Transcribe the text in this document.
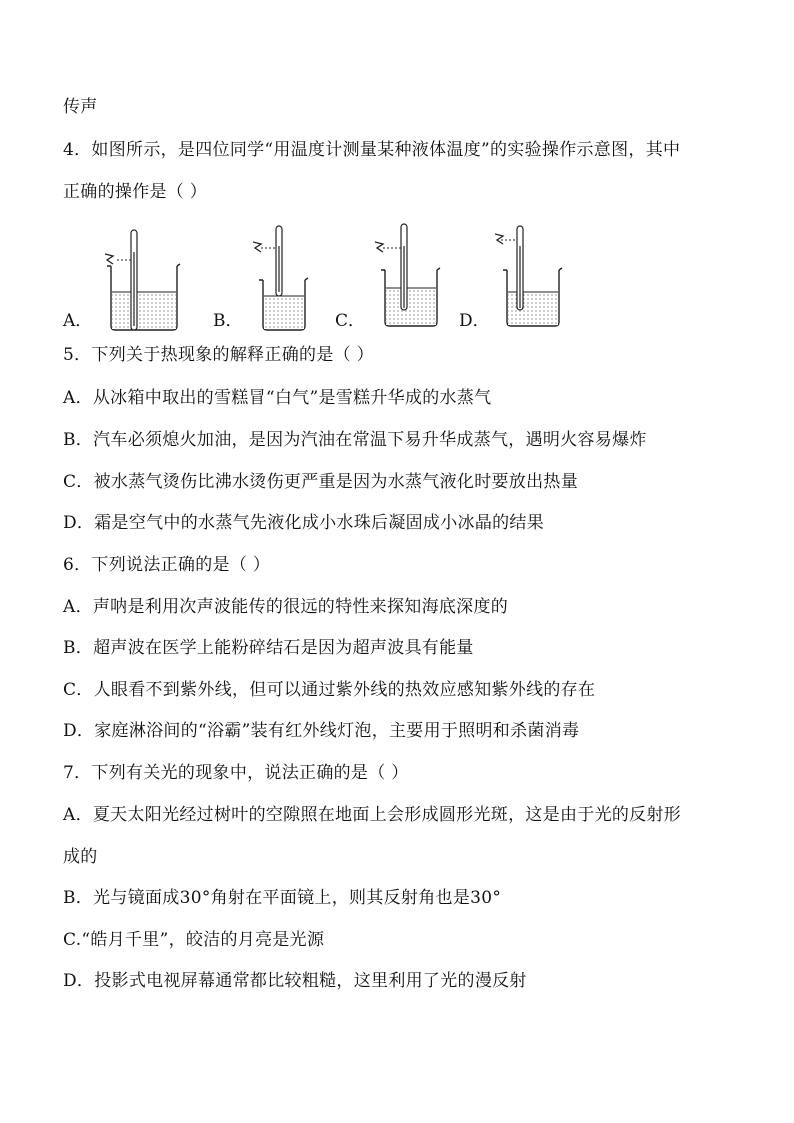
传声
4．如图所示，是四位同学“用温度计测量某种液体温度”的实验操作示意图，其中
正确的操作是（ ）
A．	B．	C．	D．
5．下列关于热现象的解释正确的是（ ）
A．从冰箱中取出的雪糕冒“白气”是雪糕升华成的水蒸气
B．汽车必须熄火加油，是因为汽油在常温下易升华成蒸气，遇明火容易爆炸
C．被水蒸气烫伤比沸水烫伤更严重是因为水蒸气液化时要放出热量
D．霜是空气中的水蒸气先液化成小水珠后凝固成小冰晶的结果
6．下列说法正确的是（ ）
A．声呐是利用次声波能传的很远的特性来探知海底深度的
B．超声波在医学上能粉碎结石是因为超声波具有能量
C．人眼看不到紫外线，但可以通过紫外线的热效应感知紫外线的存在
D．家庭淋浴间的“浴霸”装有红外线灯泡，主要用于照明和杀菌消毒
7．下列有关光的现象中，说法正确的是（ ）
A．夏天太阳光经过树叶的空隙照在地面上会形成圆形光斑，这是由于光的反射形
成的
B．光与镜面成30°角射在平面镜上，则其反射角也是30°
C.“皓月千里”，皎洁的月亮是光源
D．投影式电视屏幕通常都比较粗糙，这里利用了光的漫反射
